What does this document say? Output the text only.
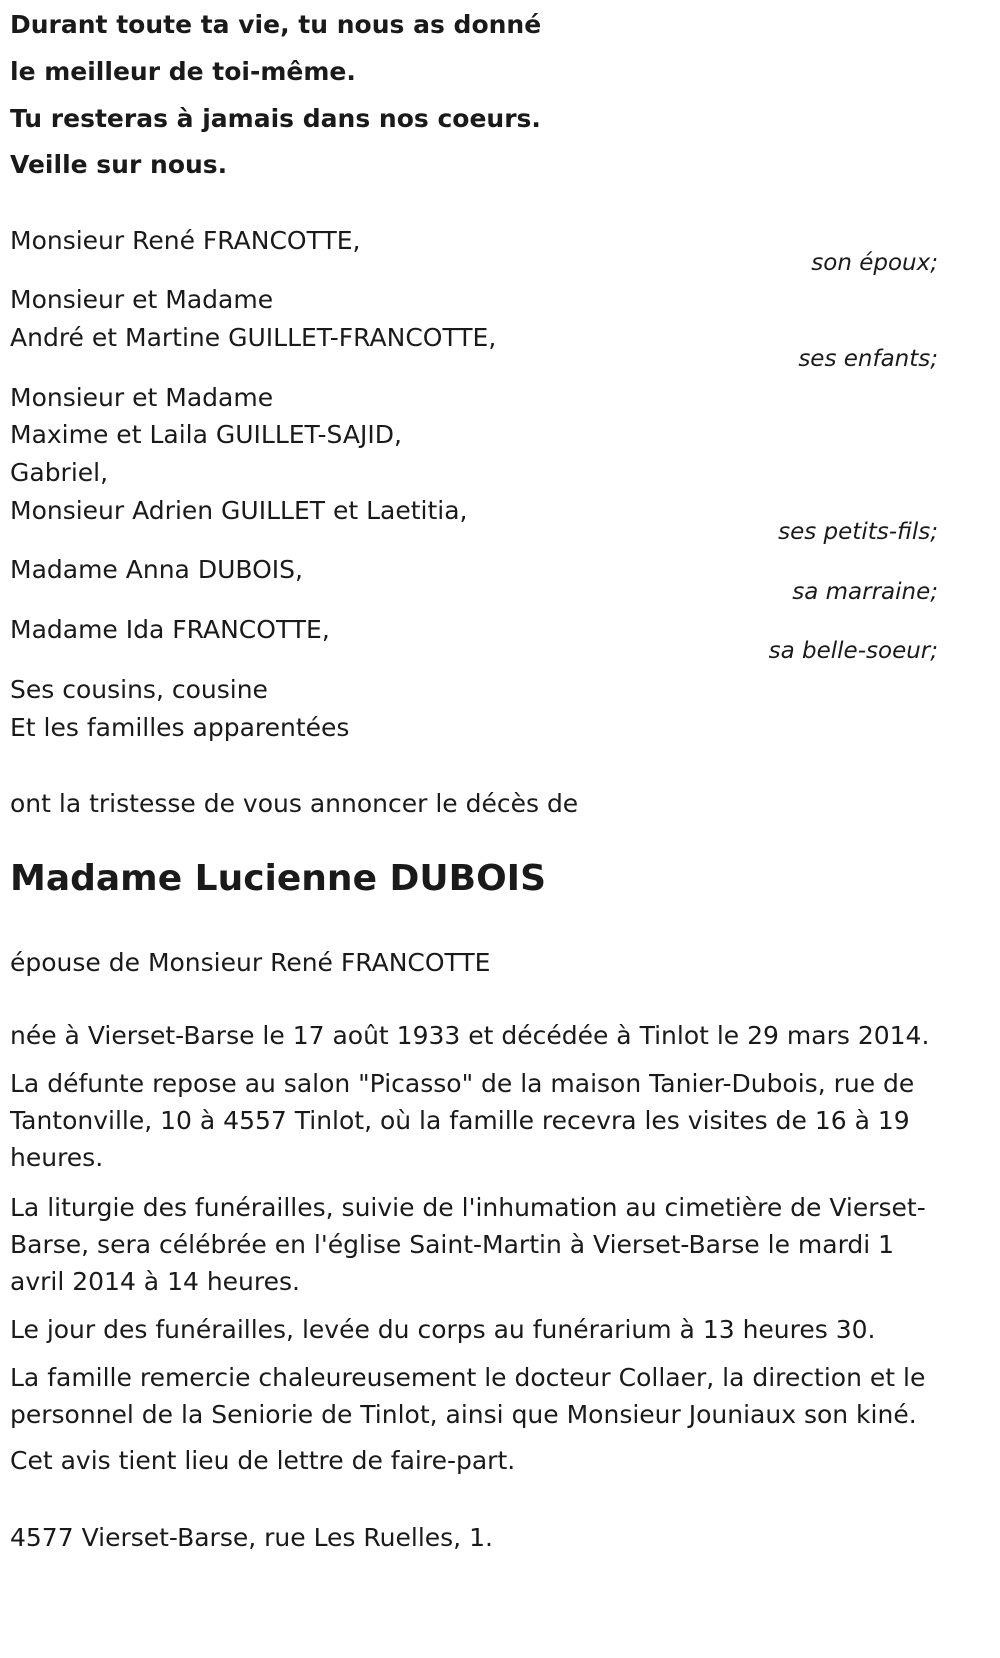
Durant toute ta vie, tu nous as donné
le meilleur de toi-même.
Tu resteras à jamais dans nos coeurs.
Veille sur nous.
Monsieur René FRANCOTTE,
son époux;
Monsieur et Madame
André et Martine GUILLET-FRANCOTTE,
ses enfants;
Monsieur et Madame
Maxime et Laila GUILLET-SAJID,
Gabriel,
Monsieur Adrien GUILLET et Laetitia,
ses petits-fils;
Madame Anna DUBOIS,
sa marraine;
Madame Ida FRANCOTTE,
sa belle-soeur;
Ses cousins, cousine
Et les familles apparentées
ont la tristesse de vous annoncer le décès de
Madame Lucienne DUBOIS
épouse de Monsieur René FRANCOTTE
née à Vierset-Barse le 17 août 1933 et décédée à Tinlot le 29 mars 2014.
La défunte repose au salon "Picasso" de la maison Tanier-Dubois, rue de Tantonville, 10 à 4557 Tinlot, où la famille recevra les visites de 16 à 19 heures.
La liturgie des funérailles, suivie de l'inhumation au cimetière de Vierset-Barse, sera célébrée en l'église Saint-Martin à Vierset-Barse le mardi 1 avril 2014 à 14 heures.
Le jour des funérailles, levée du corps au funérarium à 13 heures 30.
La famille remercie chaleureusement le docteur Collaer, la direction et le personnel de la Seniorie de Tinlot, ainsi que Monsieur Jouniaux son kiné.
Cet avis tient lieu de lettre de faire-part.
4577 Vierset-Barse, rue Les Ruelles, 1.
